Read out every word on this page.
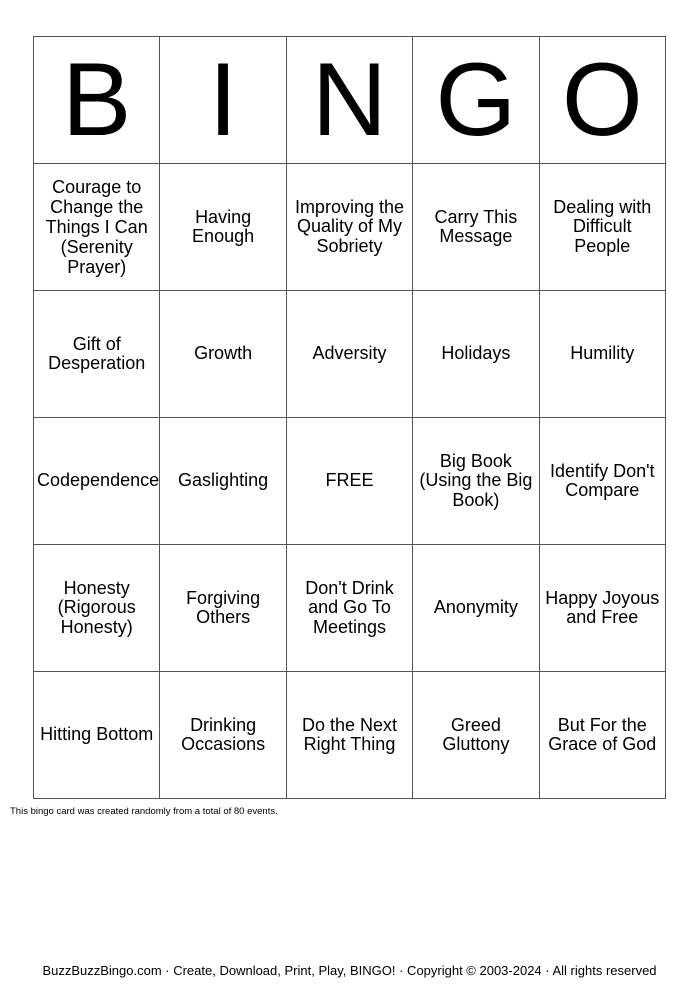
B	I	N	G	O
Courage to Change the Things I Can (Serenity Prayer)	Having Enough	Improving the Quality of My Sobriety	Carry This Message	Dealing with Difficult People
Gift of Desperation	Growth	Adversity	Holidays	Humility
Codependence	Gaslighting	FREE	Big Book (Using the Big Book)	Identify Don't Compare
Honesty (Rigorous Honesty)	Forgiving Others	Don't Drink and Go To Meetings	Anonymity	Happy Joyous and Free
Hitting Bottom	Drinking Occasions	Do the Next Right Thing	Greed Gluttony	But For the Grace of God
This bingo card was created randomly from a total of 80 events.
BuzzBuzzBingo.com · Create, Download, Print, Play, BINGO! · Copyright © 2003-2024 · All rights reserved
